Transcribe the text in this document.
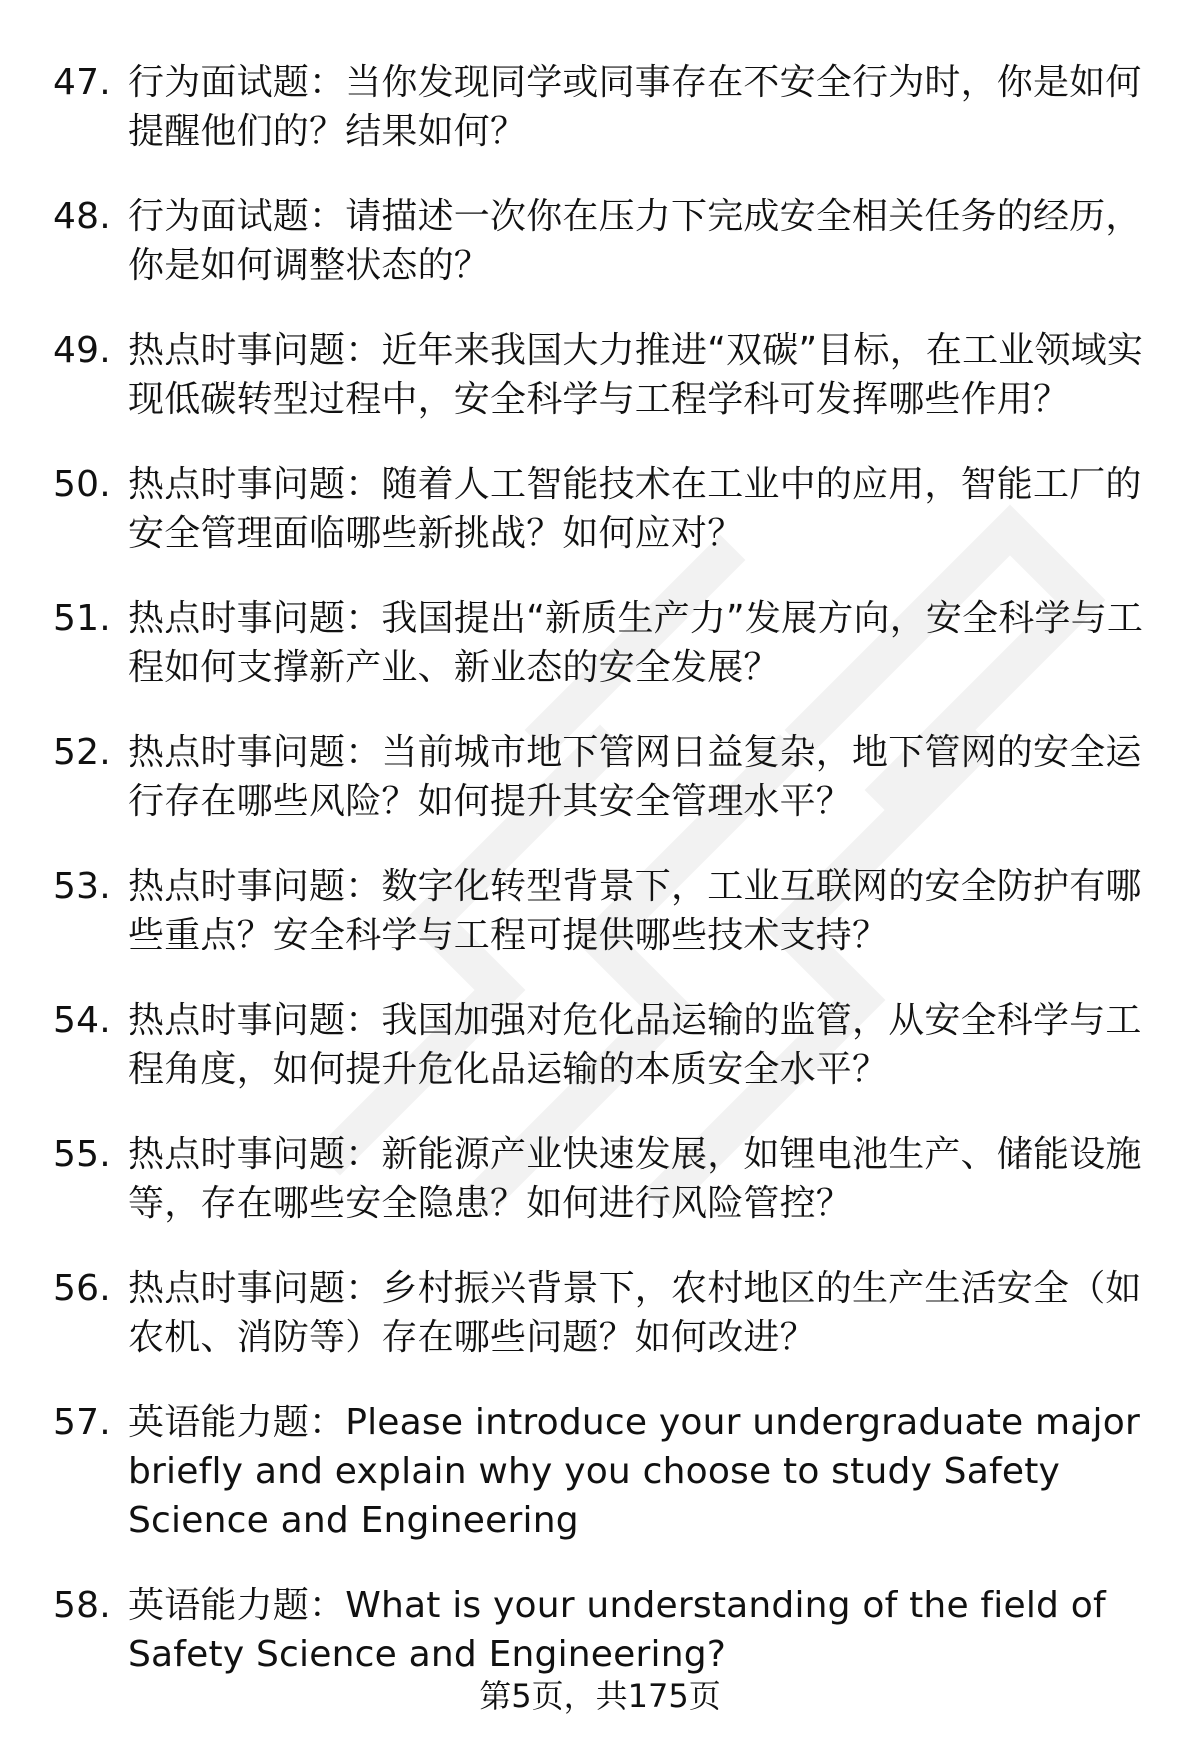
47. 行为面试题：当你发现同学或同事存在不安全行为时，你是如何提醒他们的？结果如何？
48. 行为面试题：请描述一次你在压力下完成安全相关任务的经历，你是如何调整状态的？
49. 热点时事问题：近年来我国大力推进“双碳”目标，在工业领域实现低碳转型过程中，安全科学与工程学科可发挥哪些作用？
50. 热点时事问题：随着人工智能技术在工业中的应用，智能工厂的安全管理面临哪些新挑战？如何应对？
51. 热点时事问题：我国提出“新质生产力”发展方向，安全科学与工程如何支撑新产业、新业态的安全发展？
52. 热点时事问题：当前城市地下管网日益复杂，地下管网的安全运行存在哪些风险？如何提升其安全管理水平？
53. 热点时事问题：数字化转型背景下，工业互联网的安全防护有哪些重点？安全科学与工程可提供哪些技术支持？
54. 热点时事问题：我国加强对危化品运输的监管，从安全科学与工程角度，如何提升危化品运输的本质安全水平？
55. 热点时事问题：新能源产业快速发展，如锂电池生产、储能设施等，存在哪些安全隐患？如何进行风险管控？
56. 热点时事问题：乡村振兴背景下，农村地区的生产生活安全（如农机、消防等）存在哪些问题？如何改进？
57. 英语能力题：Please introduce your undergraduate major briefly and explain why you choose to study Safety Science and Engineering
58. 英语能力题：What is your understanding of the field of Safety Science and Engineering?
第5页，共175页
